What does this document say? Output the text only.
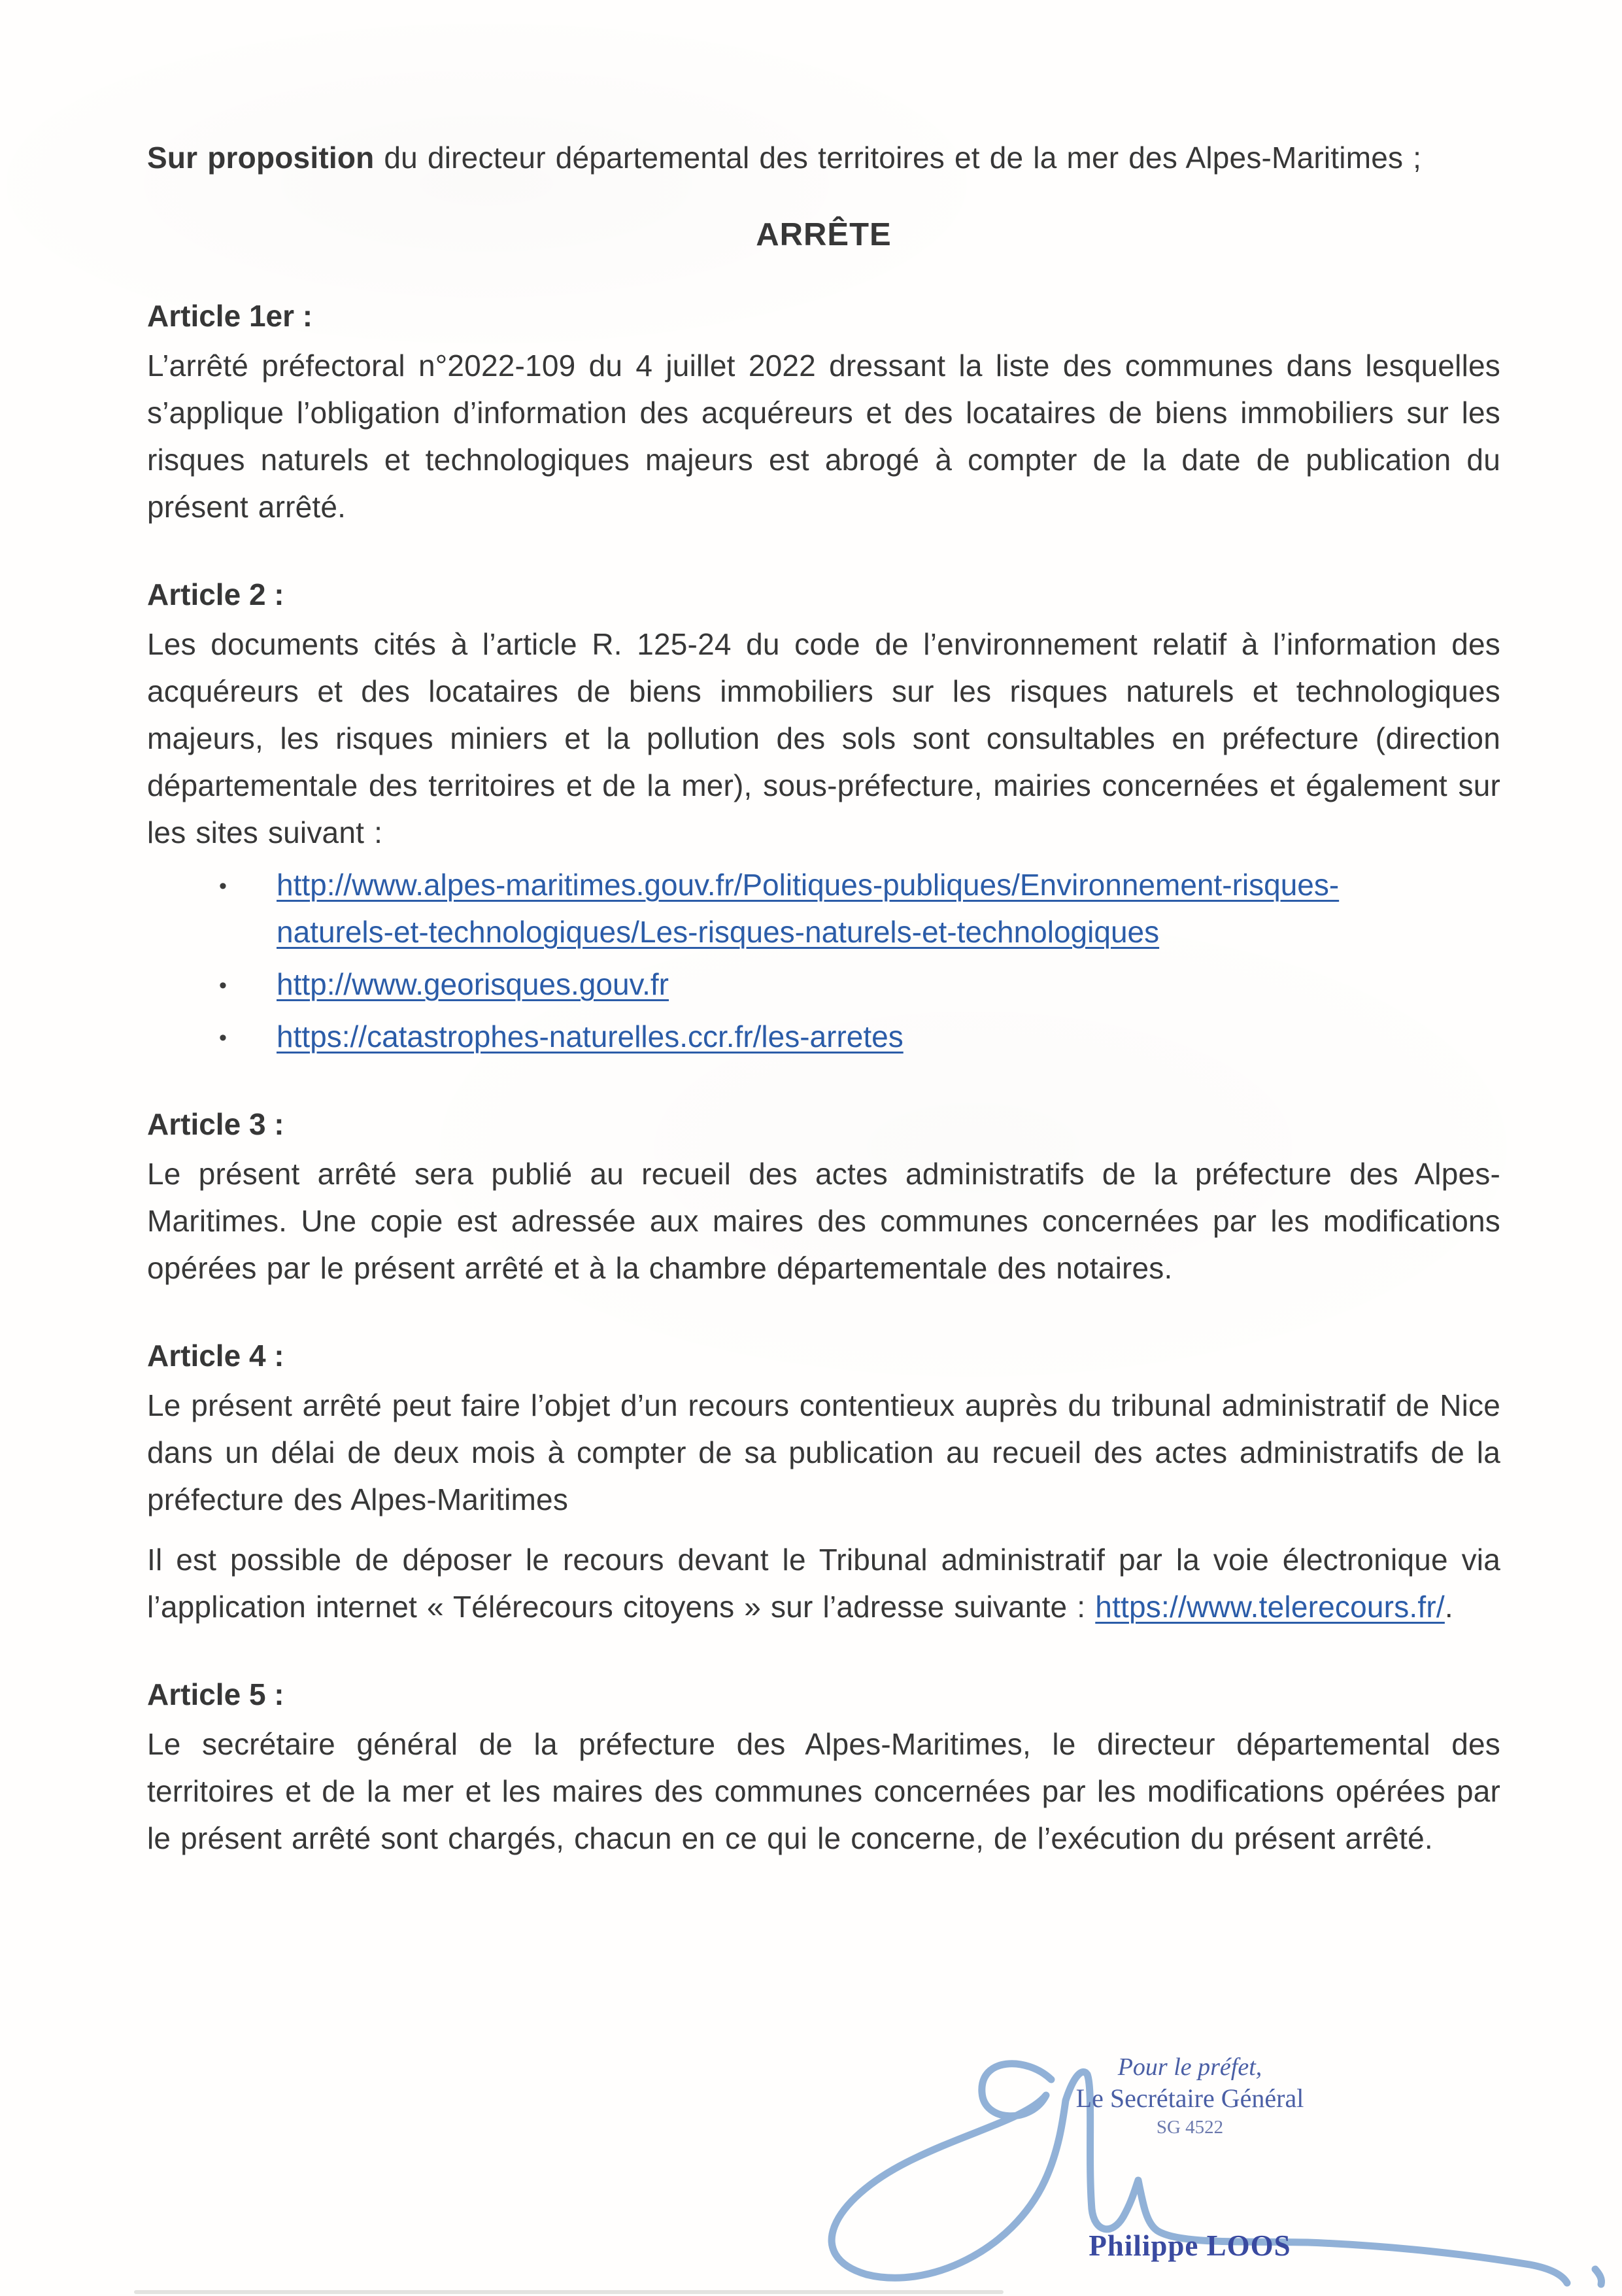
Sur proposition du directeur départemental des territoires et de la mer des Alpes-Maritimes ;

ARRÊTE
Article 1er :

L’arrêté préfectoral n°2022-109 du 4 juillet 2022 dressant la liste des communes dans lesquelles s’applique l’obligation d’information des acquéreurs et des locataires de biens immobiliers sur les risques naturels et technologiques majeurs est abrogé à compter de la date de publication du présent arrêté.

Article 2 :

Les documents cités à l’article R. 125-24 du code de l’environnement relatif à l’information des acquéreurs et des locataires de biens immobiliers sur les risques naturels et technologiques majeurs, les risques miniers et la pollution des sols sont consultables en préfecture (direction départementale des territoires et de la mer), sous-préfecture, mairies concernées et également sur les sites suivant :

• http://www.alpes-maritimes.gouv.fr/Politiques-publiques/Environnement-risques-naturels-et-technologiques/Les-risques-naturels-et-technologiques
• http://www.georisques.gouv.fr
• https://catastrophes-naturelles.ccr.fr/les-arretes
Article 3 :

Le présent arrêté sera publié au recueil des actes administratifs de la préfecture des Alpes-Maritimes. Une copie est adressée aux maires des communes concernées par les modifications opérées par le présent arrêté et à la chambre départementale des notaires.

Article 4 :

Le présent arrêté peut faire l’objet d’un recours contentieux auprès du tribunal administratif de Nice dans un délai de deux mois à compter de sa publication au recueil des actes administratifs de la préfecture des Alpes-Maritimes

Il est possible de déposer le recours devant le Tribunal administratif par la voie électronique via l’application internet « Télérecours citoyens » sur l’adresse suivante : https://www.telerecours.fr/.

Article 5 :

Le secrétaire général de la préfecture des Alpes-Maritimes, le directeur départemental des territoires et de la mer et les maires des communes concernées par les modifications opérées par le présent arrêté sont chargés, chacun en ce qui le concerne, de l’exécution du présent arrêté.

Pour le préfet,
Le Secrétaire Général
SG 4522
Philippe LOOS
